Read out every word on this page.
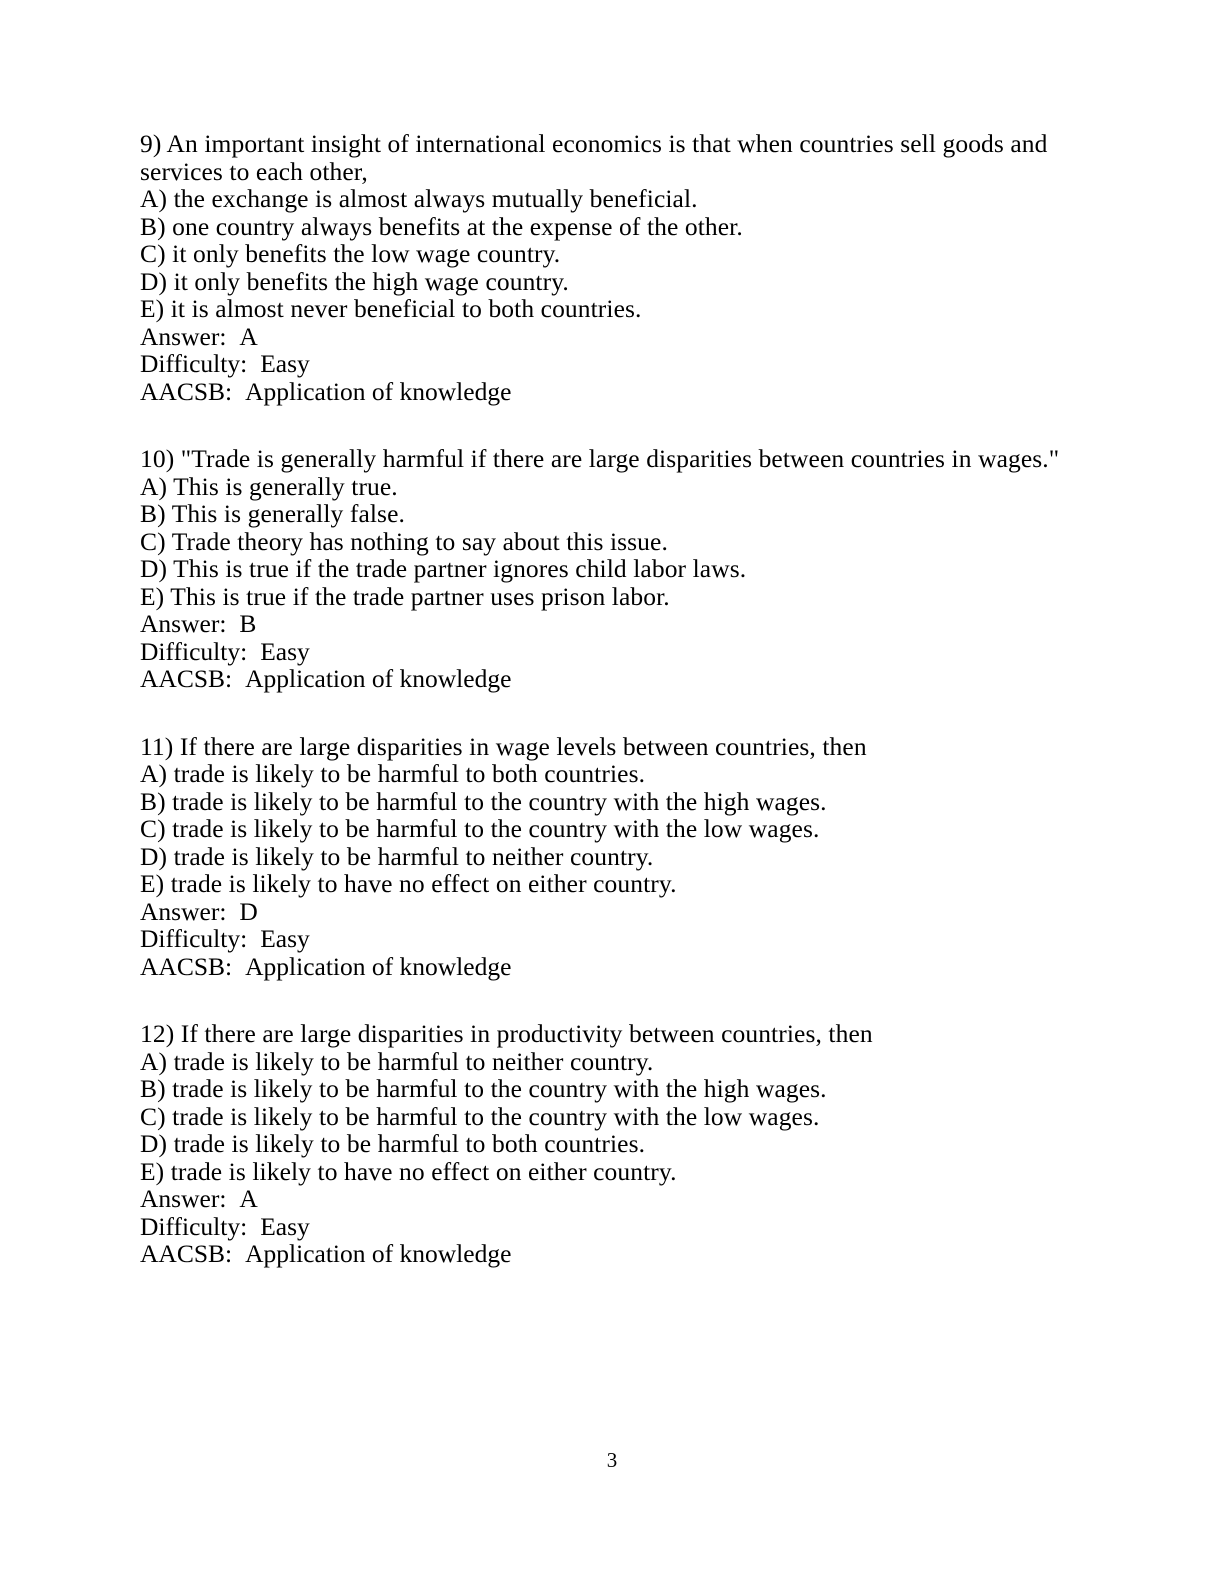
9) An important insight of international economics is that when countries sell goods and services to each other,
A) the exchange is almost always mutually beneficial.
B) one country always benefits at the expense of the other.
C) it only benefits the low wage country.
D) it only benefits the high wage country.
E) it is almost never beneficial to both countries.
Answer: A
Difficulty: Easy
AACSB: Application of knowledge
10) "Trade is generally harmful if there are large disparities between countries in wages."
A) This is generally true.
B) This is generally false.
C) Trade theory has nothing to say about this issue.
D) This is true if the trade partner ignores child labor laws.
E) This is true if the trade partner uses prison labor.
Answer: B
Difficulty: Easy
AACSB: Application of knowledge
11) If there are large disparities in wage levels between countries, then
A) trade is likely to be harmful to both countries.
B) trade is likely to be harmful to the country with the high wages.
C) trade is likely to be harmful to the country with the low wages.
D) trade is likely to be harmful to neither country.
E) trade is likely to have no effect on either country.
Answer: D
Difficulty: Easy
AACSB: Application of knowledge
12) If there are large disparities in productivity between countries, then
A) trade is likely to be harmful to neither country.
B) trade is likely to be harmful to the country with the high wages.
C) trade is likely to be harmful to the country with the low wages.
D) trade is likely to be harmful to both countries.
E) trade is likely to have no effect on either country.
Answer: A
Difficulty: Easy
AACSB: Application of knowledge
3
